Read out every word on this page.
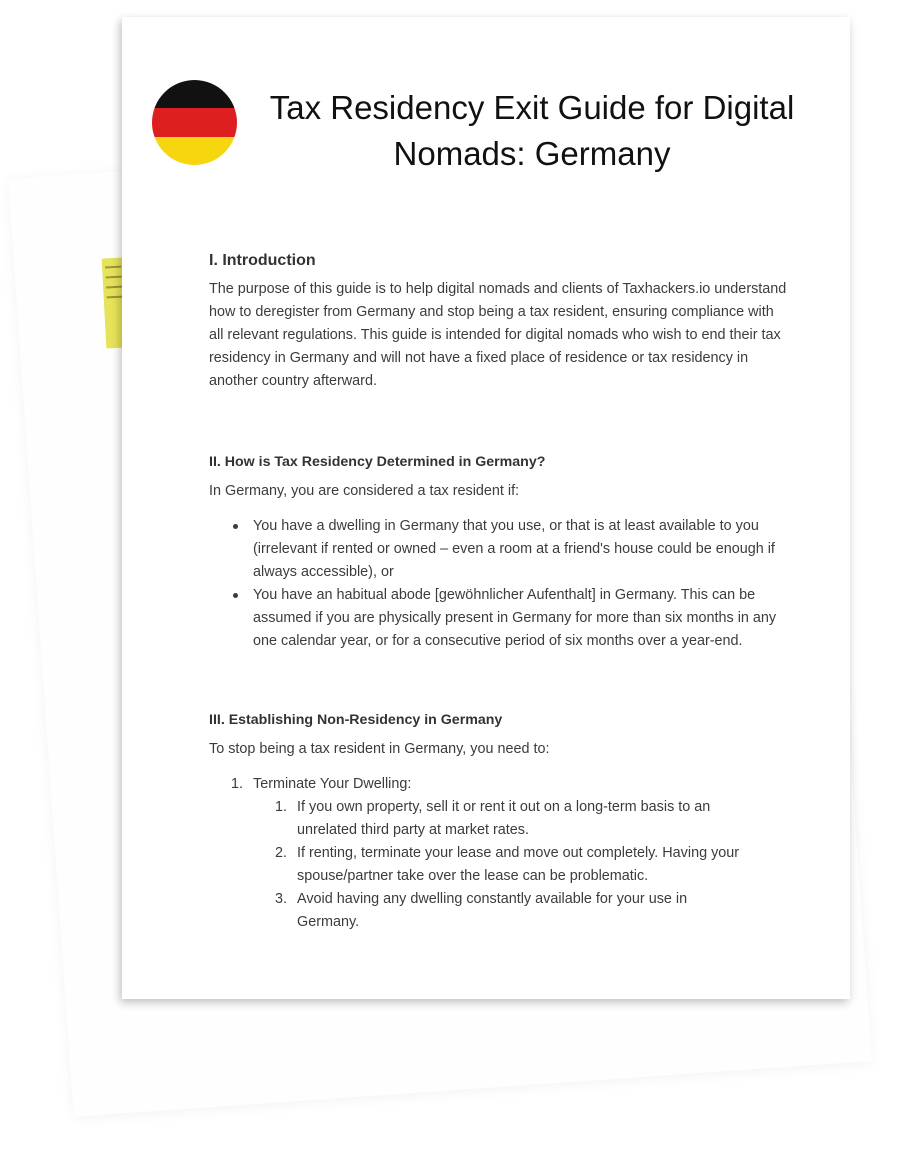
Tax Residency Exit Guide for Digital Nomads: Germany
I. Introduction

The purpose of this guide is to help digital nomads and clients of Taxhackers.io understand how to deregister from Germany and stop being a tax resident, ensuring compliance with all relevant regulations. This guide is intended for digital nomads who wish to end their tax residency in Germany and will not have a fixed place of residence or tax residency in another country afterward.

II. How is Tax Residency Determined in Germany?

In Germany, you are considered a tax resident if:

You have a dwelling in Germany that you use, or that is at least available to you (irrelevant if rented or owned – even a room at a friend's house could be enough if always accessible), or
You have an habitual abode [gewöhnlicher Aufenthalt] in Germany. This can be assumed if you are physically present in Germany for more than six months in any one calendar year, or for a consecutive period of six months over a year-end.
III. Establishing Non-Residency in Germany

To stop being a tax resident in Germany, you need to:

1. Terminate Your Dwelling:
1. If you own property, sell it or rent it out on a long-term basis to an unrelated third party at market rates.
2. If renting, terminate your lease and move out completely. Having your spouse/partner take over the lease can be problematic.
3. Avoid having any dwelling constantly available for your use in Germany.
